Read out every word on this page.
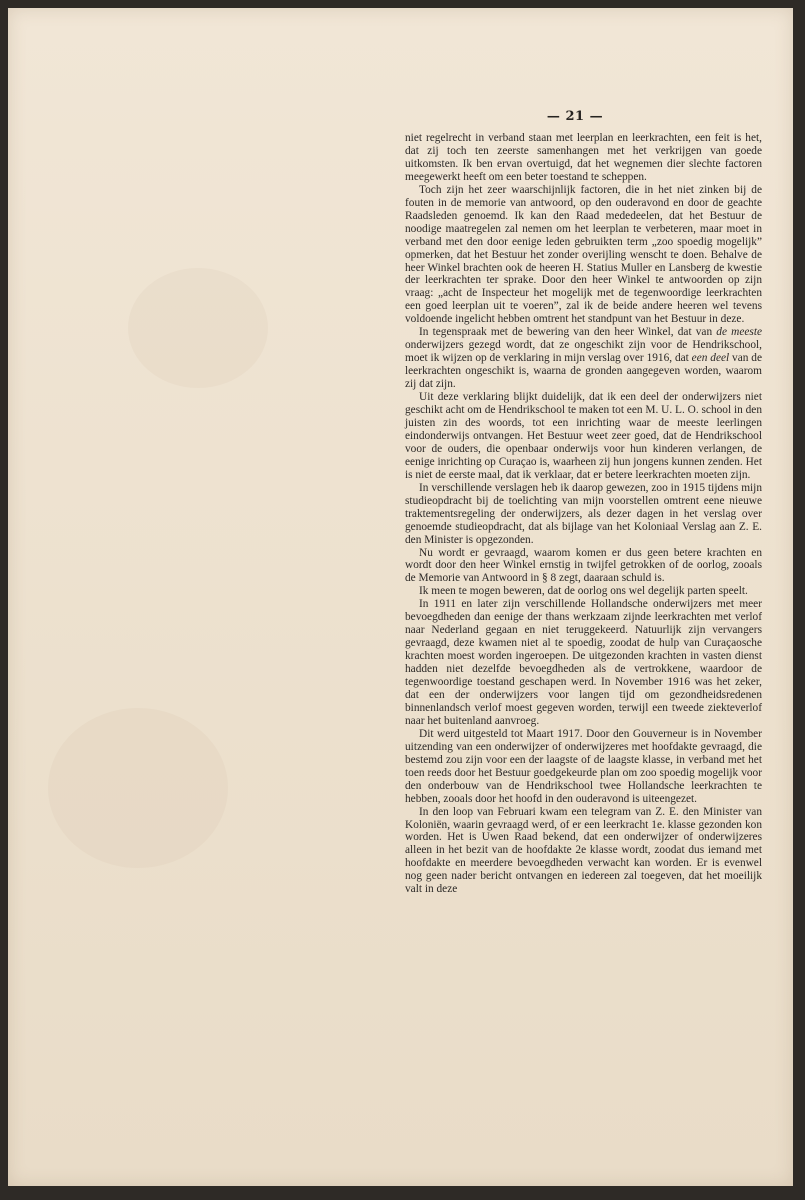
— 21 —

niet regelrecht in verband staan met leerplan en leerkrachten, een feit is het, dat zij toch ten zeerste samenhangen met het verkrijgen van goede uitkomsten. Ik ben ervan overtuigd, dat het wegnemen dier slechte factoren meegewerkt heeft om een beter toestand te scheppen.

Toch zijn het zeer waarschijnlijk factoren, die in het niet zinken bij de fouten in de memorie van antwoord, op den ouderavond en door de geachte Raadsleden genoemd. Ik kan den Raad mededeelen, dat het Bestuur de noodige maatregelen zal nemen om het leerplan te verbeteren, maar moet in verband met den door eenige leden gebruikten term „zoo spoedig mogelijk” opmerken, dat het Bestuur het zonder overijling wenscht te doen. Behalve de heer Winkel brachten ook de heeren H. Statius Muller en Lansberg de kwestie der leerkrachten ter sprake. Door den heer Winkel te antwoorden op zijn vraag: „acht de Inspecteur het mogelijk met de tegenwoordige leerkrachten een goed leerplan uit te voeren”, zal ik de beide andere heeren wel tevens voldoende ingelicht hebben omtrent het standpunt van het Bestuur in deze.

In tegenspraak met de bewering van den heer Winkel, dat van de meeste onderwijzers gezegd wordt, dat ze ongeschikt zijn voor de Hendrikschool, moet ik wijzen op de verklaring in mijn verslag over 1916, dat een deel van de leerkrachten ongeschikt is, waarna de gronden aangegeven worden, waarom zij dat zijn.

Uit deze verklaring blijkt duidelijk, dat ik een deel der onderwijzers niet geschikt acht om de Hendrikschool te maken tot een M. U. L. O. school in den juisten zin des woords, tot een inrichting waar de meeste leerlingen eindonderwijs ontvangen. Het Bestuur weet zeer goed, dat de Hendrikschool voor de ouders, die openbaar onderwijs voor hun kinderen verlangen, de eenige inrichting op Curaçao is, waarheen zij hun jongens kunnen zenden. Het is niet de eerste maal, dat ik verklaar, dat er betere leerkrachten moeten zijn.

In verschillende verslagen heb ik daarop gewezen, zoo in 1915 tijdens mijn studieopdracht bij de toelichting van mijn voorstellen omtrent eene nieuwe traktementsregeling der onderwijzers, als dezer dagen in het verslag over genoemde studieopdracht, dat als bijlage van het Koloniaal Verslag aan Z. E. den Minister is opgezonden.

Nu wordt er gevraagd, waarom komen er dus geen betere krachten en wordt door den heer Winkel ernstig in twijfel getrokken of de oorlog, zooals de Memorie van Antwoord in § 8 zegt, daaraan schuld is.

Ik meen te mogen beweren, dat de oorlog ons wel degelijk parten speelt.

In 1911 en later zijn verschillende Hollandsche onderwijzers met meer bevoegdheden dan eenige der thans werkzaam zijnde leerkrachten met verlof naar Nederland gegaan en niet teruggekeerd. Natuurlijk zijn vervangers gevraagd, deze kwamen niet al te spoedig, zoodat de hulp van Curaçaosche krachten moest worden ingeroepen. De uitgezonden krachten in vasten dienst hadden niet dezelfde bevoegdheden als de vertrokkene, waardoor de tegenwoordige toestand geschapen werd. In November 1916 was het zeker, dat een der onderwijzers voor langen tijd om gezondheidsredenen binnenlandsch verlof moest gegeven worden, terwijl een tweede ziekteverlof naar het buitenland aanvroeg.

Dit werd uitgesteld tot Maart 1917. Door den Gouverneur is in November uitzending van een onderwijzer of onderwijzeres met hoofdakte gevraagd, die bestemd zou zijn voor een der laagste of de laagste klasse, in verband met het toen reeds door het Bestuur goedgekeurde plan om zoo spoedig mogelijk voor den onderbouw van de Hendrikschool twee Hollandsche leerkrachten te hebben, zooals door het hoofd in den ouderavond is uiteengezet.

In den loop van Februari kwam een telegram van Z. E. den Minister van Koloniën, waarin gevraagd werd, of er een leerkracht 1e. klasse gezonden kon worden. Het is Uwen Raad bekend, dat een onderwijzer of onderwijzeres alleen in het bezit van de hoofdakte 2e klasse wordt, zoodat dus iemand met hoofdakte en meerdere bevoegdheden verwacht kan worden. Er is evenwel nog geen nader bericht ontvangen en iedereen zal toegeven, dat het moeilijk valt in deze
